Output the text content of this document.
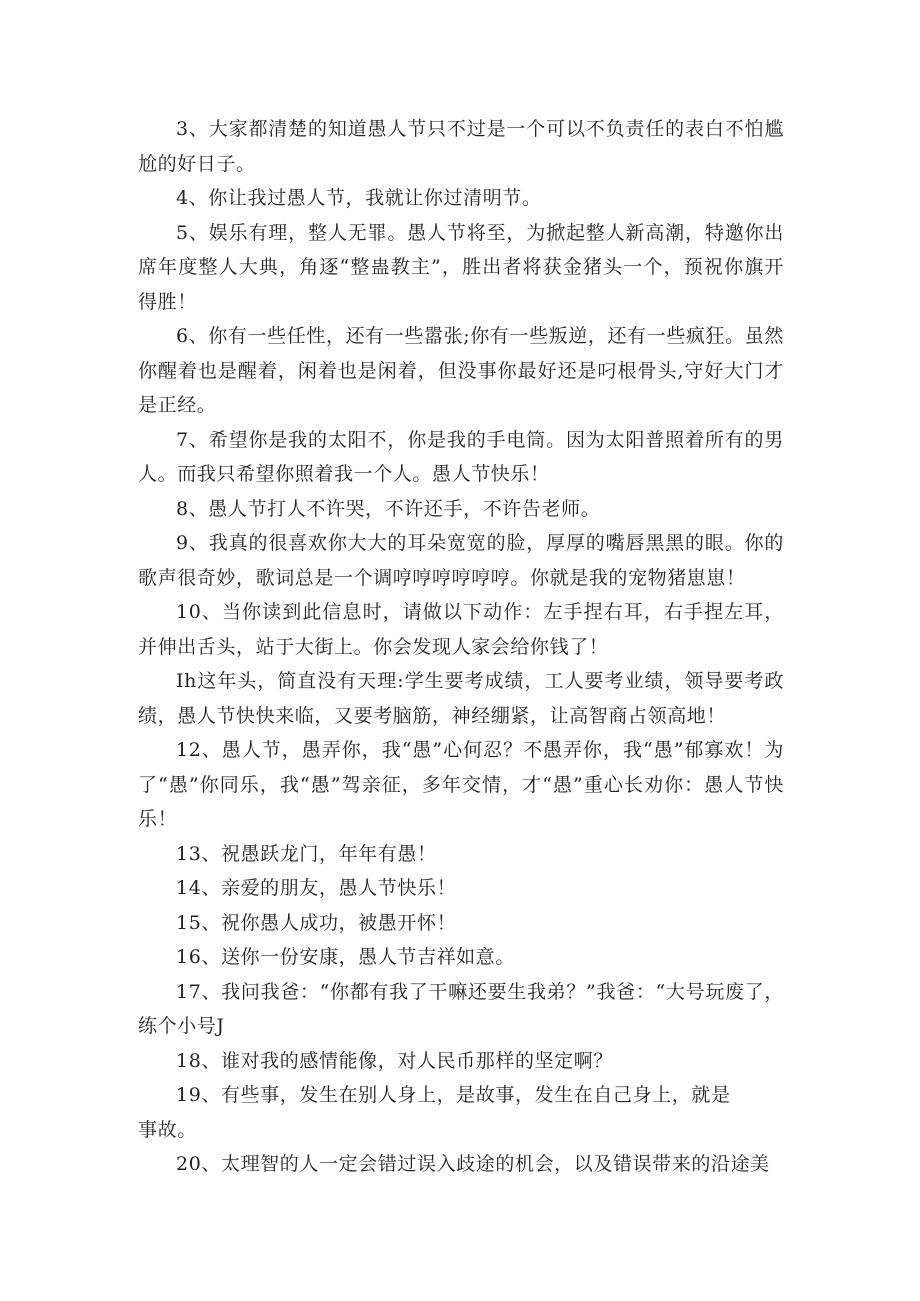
3、大家都清楚的知道愚人节只不过是一个可以不负责任的表白不怕尴尬的好日子。

4、你让我过愚人节，我就让你过清明节。

5、娱乐有理，整人无罪。愚人节将至，为掀起整人新高潮，特邀你出席年度整人大典，角逐“整蛊教主”，胜出者将获金猪头一个，预祝你旗开得胜！

6、你有一些任性，还有一些嚣张;你有一些叛逆，还有一些疯狂。虽然你醒着也是醒着，闲着也是闲着，但没事你最好还是叼根骨头,守好大门才是正经。

7、希望你是我的太阳不，你是我的手电筒。因为太阳普照着所有的男人。而我只希望你照着我一个人。愚人节快乐！

8、愚人节打人不许哭，不许还手，不许告老师。

9、我真的很喜欢你大大的耳朵宽宽的脸，厚厚的嘴唇黑黑的眼。你的歌声很奇妙，歌词总是一个调哼哼哼哼哼哼。你就是我的宠物猪崽崽！

10、当你读到此信息时，请做以下动作：左手捏右耳，右手捏左耳，并伸出舌头，站于大街上。你会发现人家会给你钱了！

Ih这年头，简直没有天理:学生要考成绩，工人要考业绩，领导要考政绩，愚人节快快来临，又要考脑筋，神经绷紧，让高智商占领高地！

12、愚人节，愚弄你，我“愚”心何忍？不愚弄你，我“愚”郁寡欢！为了“愚”你同乐，我“愚”驾亲征，多年交情，才“愚”重心长劝你：愚人节快乐！

13、祝愚跃龙门，年年有愚！

14、亲爱的朋友，愚人节快乐！

15、祝你愚人成功，被愚开怀！

16、送你一份安康，愚人节吉祥如意。

17、我问我爸：“你都有我了干嘛还要生我弟？”我爸：“大号玩废了，练个小号J

18、谁对我的感情能像，对人民币那样的坚定啊？

19、有些事，发生在别人身上，是故事，发生在自己身上，就是
事故。

20、太理智的人一定会错过误入歧途的机会，以及错误带来的沿途美
